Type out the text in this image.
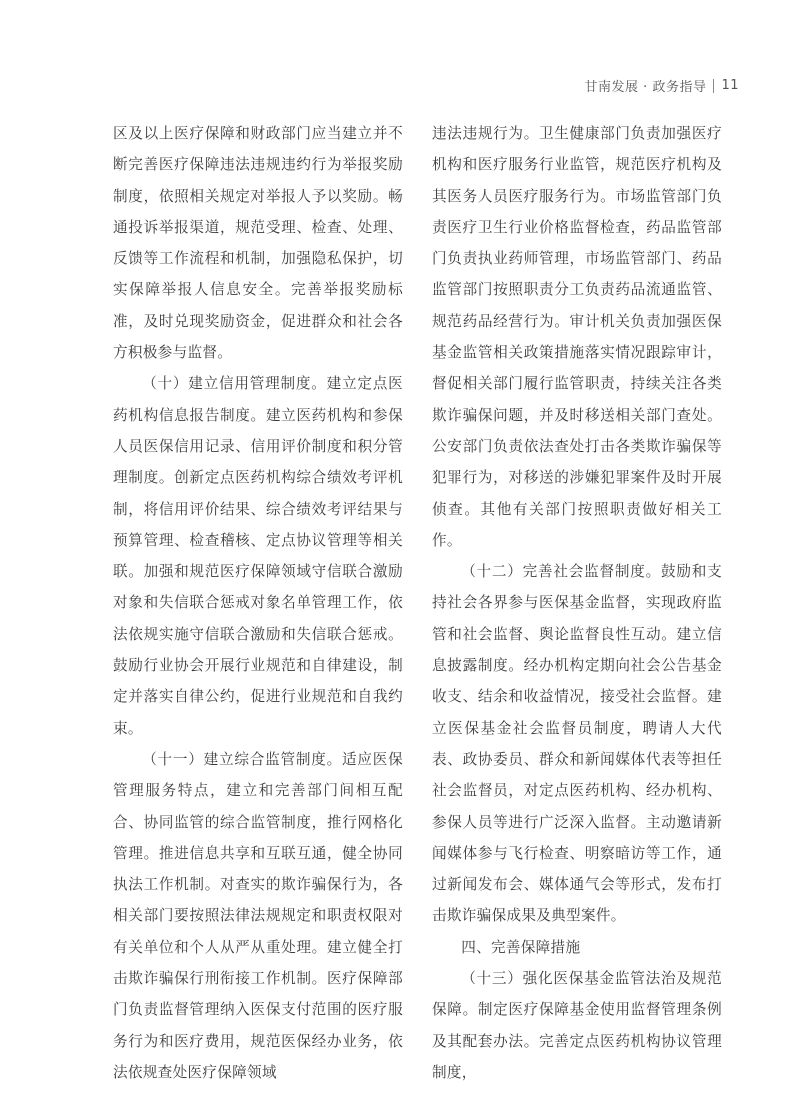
甘南发展 · 政务指导 11

区及以上医疗保障和财政部门应当建立并不断完善医疗保障违法违规违约行为举报奖励制度，依照相关规定对举报人予以奖励。畅通投诉举报渠道，规范受理、检查、处理、反馈等工作流程和机制，加强隐私保护，切实保障举报人信息安全。完善举报奖励标准，及时兑现奖励资金，促进群众和社会各方积极参与监督。

（十）建立信用管理制度。建立定点医药机构信息报告制度。建立医药机构和参保人员医保信用记录、信用评价制度和积分管理制度。创新定点医药机构综合绩效考评机制，将信用评价结果、综合绩效考评结果与预算管理、检查稽核、定点协议管理等相关联。加强和规范医疗保障领域守信联合激励对象和失信联合惩戒对象名单管理工作，依法依规实施守信联合激励和失信联合惩戒。鼓励行业协会开展行业规范和自律建设，制定并落实自律公约，促进行业规范和自我约束。

（十一）建立综合监管制度。适应医保管理服务特点，建立和完善部门间相互配合、协同监管的综合监管制度，推行网格化管理。推进信息共享和互联互通，健全协同执法工作机制。对查实的欺诈骗保行为，各相关部门要按照法律法规规定和职责权限对有关单位和个人从严从重处理。建立健全打击欺诈骗保行刑衔接工作机制。医疗保障部门负责监督管理纳入医保支付范围的医疗服务行为和医疗费用，规范医保经办业务，依法依规查处医疗保障领域

违法违规行为。卫生健康部门负责加强医疗机构和医疗服务行业监管，规范医疗机构及其医务人员医疗服务行为。市场监管部门负责医疗卫生行业价格监督检查，药品监管部门负责执业药师管理，市场监管部门、药品监管部门按照职责分工负责药品流通监管、规范药品经营行为。审计机关负责加强医保基金监管相关政策措施落实情况跟踪审计，督促相关部门履行监管职责，持续关注各类欺诈骗保问题，并及时移送相关部门查处。公安部门负责依法查处打击各类欺诈骗保等犯罪行为，对移送的涉嫌犯罪案件及时开展侦查。其他有关部门按照职责做好相关工作。

（十二）完善社会监督制度。鼓励和支持社会各界参与医保基金监督，实现政府监管和社会监督、舆论监督良性互动。建立信息披露制度。经办机构定期向社会公告基金收支、结余和收益情况，接受社会监督。建立医保基金社会监督员制度，聘请人大代表、政协委员、群众和新闻媒体代表等担任社会监督员，对定点医药机构、经办机构、参保人员等进行广泛深入监督。主动邀请新闻媒体参与飞行检查、明察暗访等工作，通过新闻发布会、媒体通气会等形式，发布打击欺诈骗保成果及典型案件。

四、完善保障措施

（十三）强化医保基金监管法治及规范保障。制定医疗保障基金使用监督管理条例及其配套办法。完善定点医药机构协议管理制度，
